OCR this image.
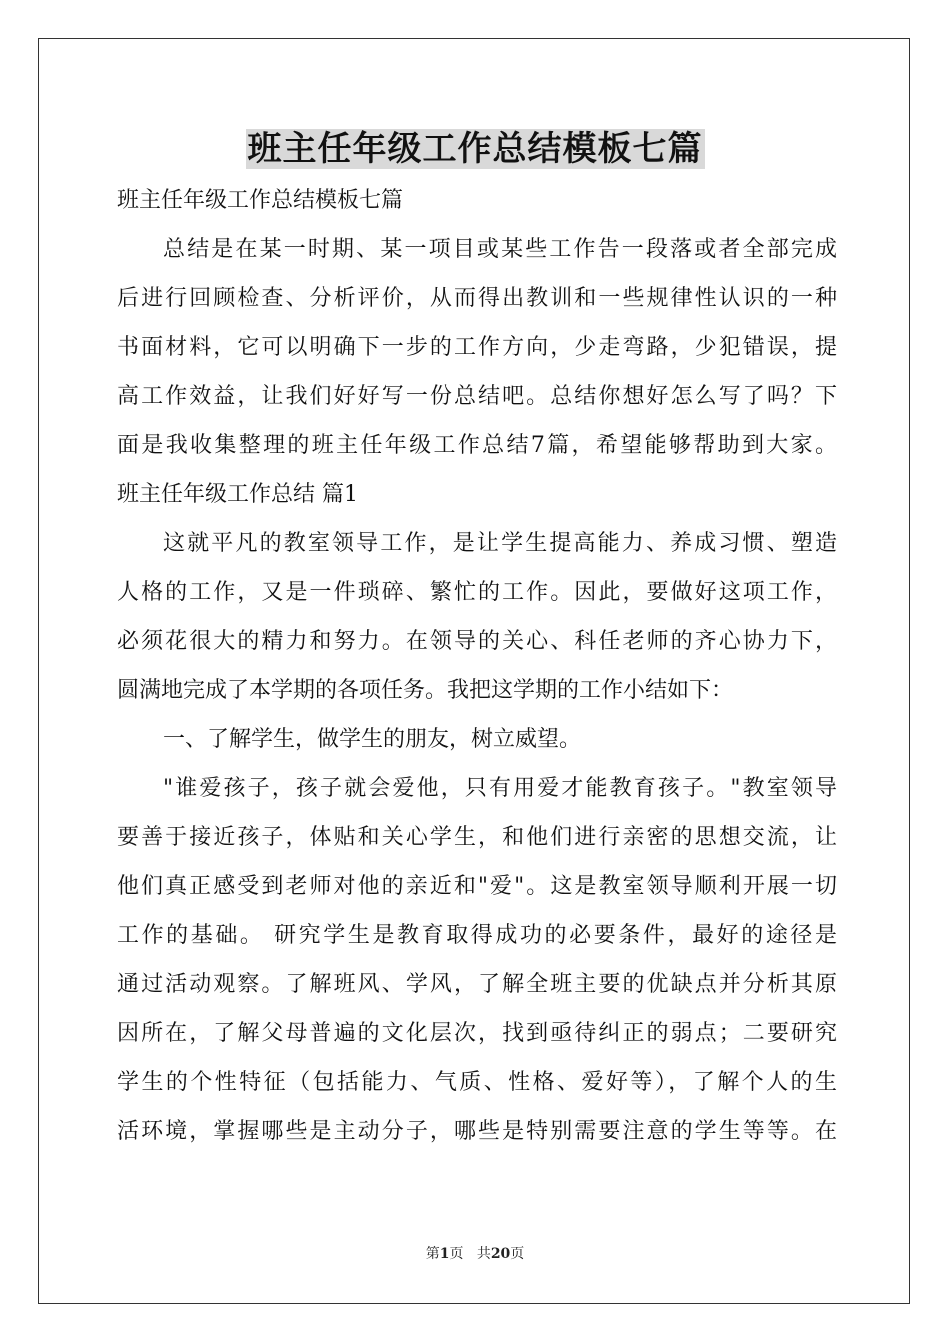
班主任年级工作总结模板七篇
班主任年级工作总结模板七篇
总结是在某一时期、某一项目或某些工作告一段落或者全部完成
后进行回顾检查、分析评价，从而得出教训和一些规律性认识的一种
书面材料，它可以明确下一步的工作方向，少走弯路，少犯错误，提
高工作效益，让我们好好写一份总结吧。总结你想好怎么写了吗？下
面是我收集整理的班主任年级工作总结7篇，希望能够帮助到大家。
班主任年级工作总结 篇1
这就平凡的教室领导工作，是让学生提高能力、养成习惯、塑造
人格的工作，又是一件琐碎、繁忙的工作。因此，要做好这项工作，
必须花很大的精力和努力。在领导的关心、科任老师的齐心协力下，
圆满地完成了本学期的各项任务。我把这学期的工作小结如下：
一、了解学生，做学生的朋友，树立威望。
"谁爱孩子，孩子就会爱他，只有用爱才能教育孩子。"教室领导
要善于接近孩子，体贴和关心学生，和他们进行亲密的思想交流，让
他们真正感受到老师对他的亲近和"爱"。这是教室领导顺利开展一切
工作的基础。 研究学生是教育取得成功的必要条件，最好的途径是
通过活动观察。了解班风、学风，了解全班主要的优缺点并分析其原
因所在，了解父母普遍的文化层次，找到亟待纠正的弱点；二要研究
学生的个性特征（包括能力、气质、性格、爱好等），了解个人的生
活环境，掌握哪些是主动分子，哪些是特别需要注意的学生等等。在
第1页 共20页
